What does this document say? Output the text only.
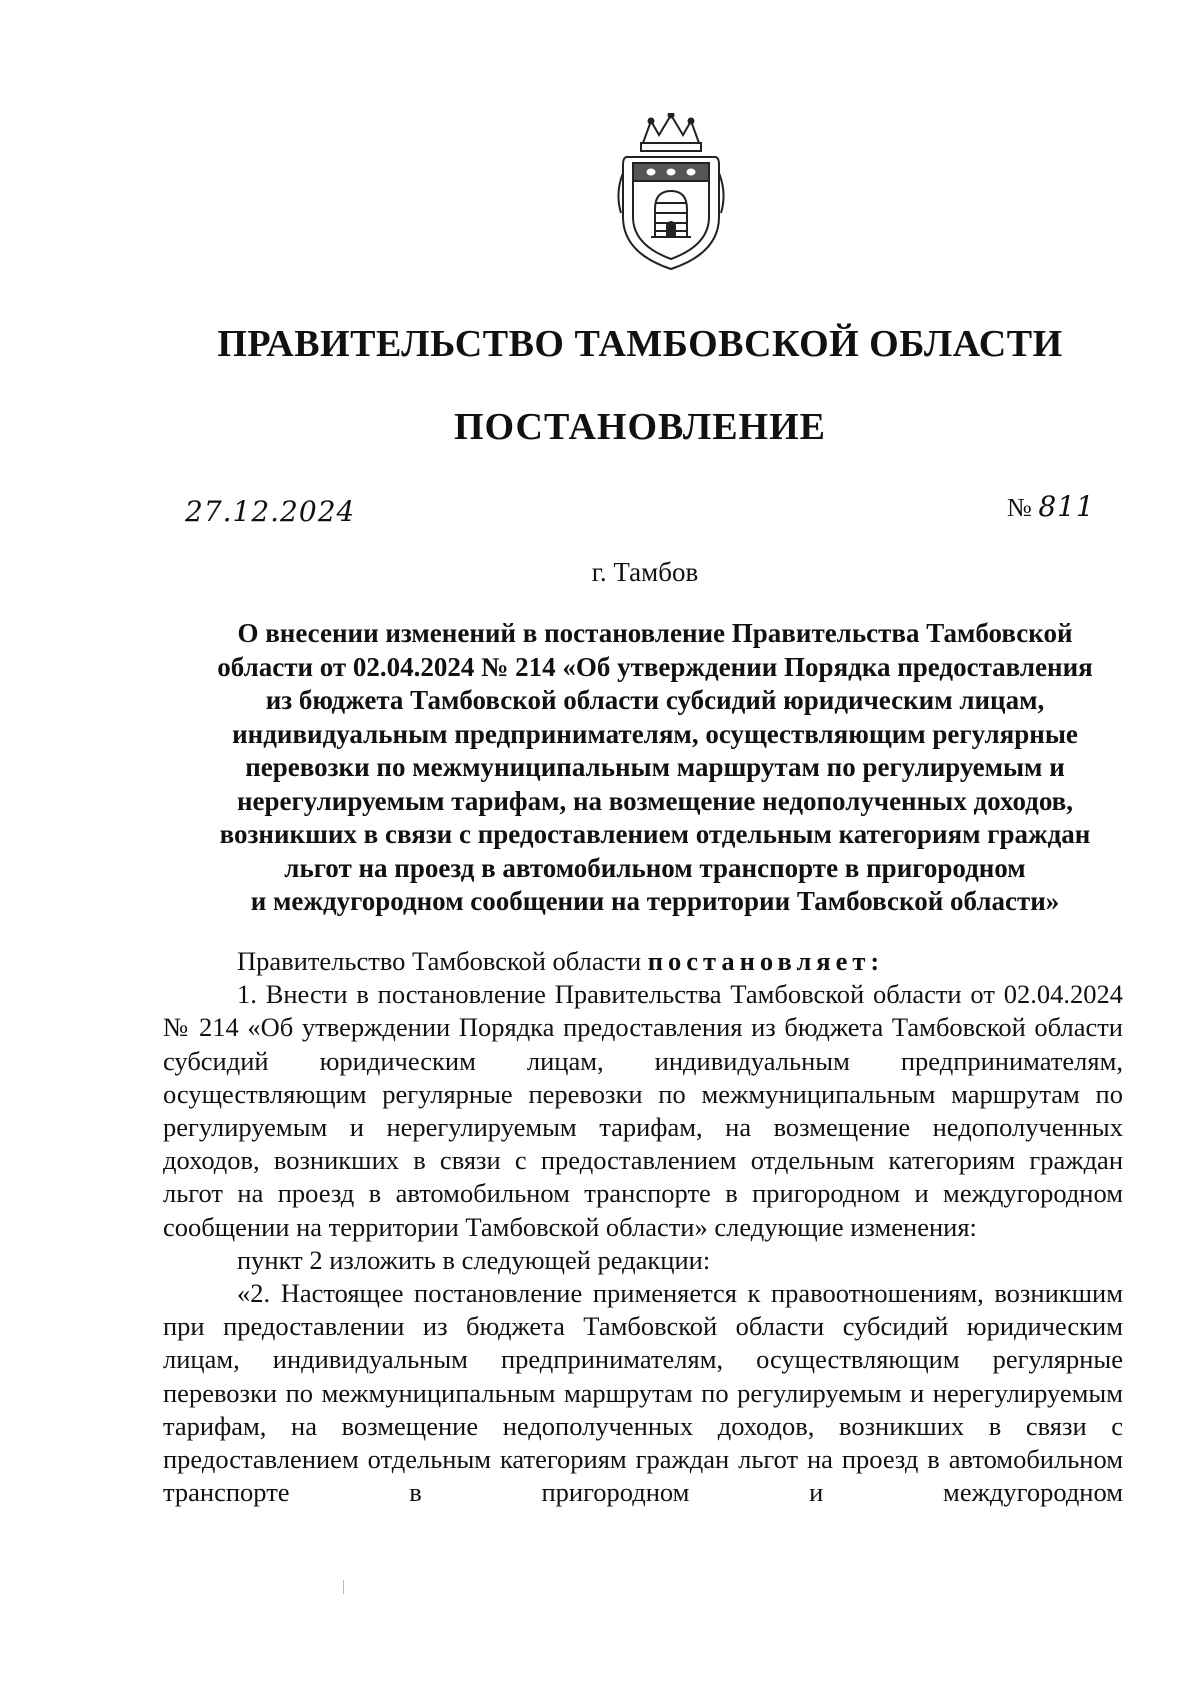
ПРАВИТЕЛЬСТВО ТАМБОВСКОЙ ОБЛАСТИ
ПОСТАНОВЛЕНИЕ
27.12.2024	№ 811
г. Тамбов
О внесении изменений в постановление Правительства Тамбовской
области от 02.04.2024 № 214 «Об утверждении Порядка предоставления
из бюджета Тамбовской области субсидий юридическим лицам,
индивидуальным предпринимателям, осуществляющим регулярные
перевозки по межмуниципальным маршрутам по регулируемым и
нерегулируемым тарифам, на возмещение недополученных доходов,
возникших в связи с предоставлением отдельным категориям граждан
льгот на проезд в автомобильном транспорте в пригородном
и междугородном сообщении на территории Тамбовской области»

Правительство Тамбовской области постановляет:

1. Внести в постановление Правительства Тамбовской области от 02.04.2024 № 214 «Об утверждении Порядка предоставления из бюджета Тамбовской области субсидий юридическим лицам, индивидуальным предпринимателям, осуществляющим регулярные перевозки по межмуниципальным маршрутам по регулируемым и нерегулируемым тарифам, на возмещение недополученных доходов, возникших в связи с предоставлением отдельным категориям граждан льгот на проезд в автомобильном транспорте в пригородном и междугородном сообщении на территории Тамбовской области» следующие изменения:

пункт 2 изложить в следующей редакции:

«2. Настоящее постановление применяется к правоотношениям, возникшим при предоставлении из бюджета Тамбовской области субсидий юридическим лицам, индивидуальным предпринимателям, осуществляющим регулярные перевозки по межмуниципальным маршрутам по регулируемым и нерегулируемым тарифам, на возмещение недополученных доходов, возникших в связи с предоставлением отдельным категориям граждан льгот на проезд в автомобильном транспорте в пригородном и междугородном
